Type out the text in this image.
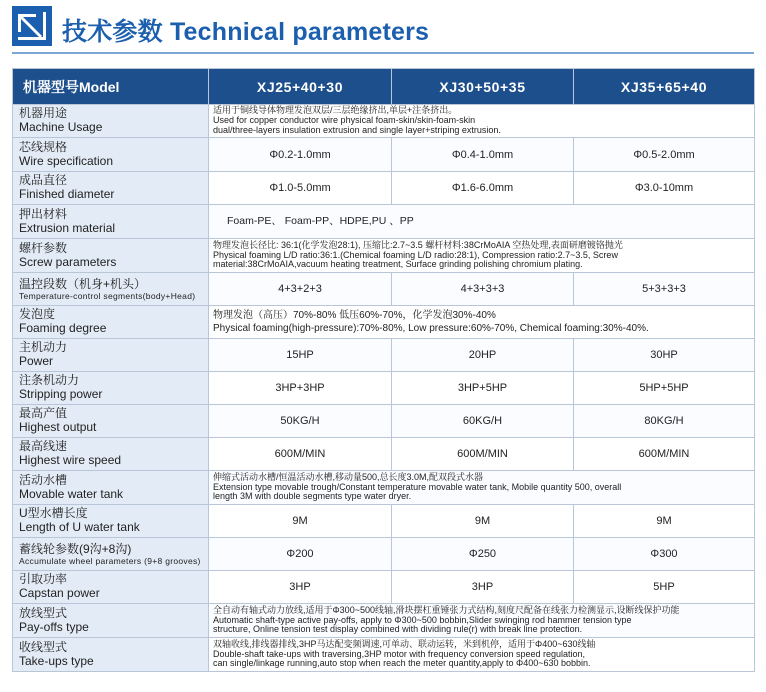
技术参数 Technical parameters
机器型号Model	XJ25+40+30	XJ30+50+35	XJ35+65+40

机器用途
Machine Usage	适用于铜线导体物理发泡双层/三层绝缘挤出,单层+注条挤出。
Used for copper conductor wire physical foam-skin/skin-foam-skin
dual/three-layers insulation extrusion and single layer+striping extrusion.		

芯线规格
Wire specification	Φ0.2-1.0mm	Φ0.4-1.0mm	Φ0.5-2.0mm

成品直径
Finished diameter	Φ1.0-5.0mm	Φ1.6-6.0mm	Φ3.0-10mm

押出材料
Extrusion material	Foam-PE、 Foam-PP、HDPE,PU 、PP		

螺杆参数
Screw parameters	物理发泡长径比: 36:1(化学发泡28:1), 压缩比:2.7~3.5 螺杆材料:38CrMoAIA 空热处理,表面研磨镀铬抛光
Physical foaming L/D ratio:36:1.(Chemical foaming L/D radio:28:1), Compression ratio:2.7~3.5, Screw
material:38CrMoAIA,vacuum heating treatment, Surface grinding polishing chromium plating.		

温控段数（机身+机头）
Temperature-control segments(body+Head)	4+3+2+3	4+3+3+3	5+3+3+3

发泡度
Foaming degree	物理发泡（高压）70%-80% 低压60%-70%，化学发泡30%-40%
Physical foaming(high-pressure):70%-80%, Low pressure:60%-70%, Chemical foaming:30%-40%.		

主机动力
Power	15HP	20HP	30HP

注条机动力
Stripping power	3HP+3HP	3HP+5HP	5HP+5HP

最高产值
Highest output	50KG/H	60KG/H	80KG/H

最高线速
Highest wire speed	600M/MIN	600M/MIN	600M/MIN

活动水槽
Movable water tank	伸缩式活动水槽/恒温活动水槽,移动量500,总长度3.0M,配双段式水器
Extension type movable trough/Constant temperature movable water tank, Mobile quantity 500, overall
length 3M with double segments type water dryer.		

U型水槽长度
Length of U water tank	9M	9M	9M

蓄线轮参数(9沟+8沟)
Accumulate wheel parameters (9+8 grooves)	Φ200	Φ250	Φ300

引取功率
Capstan power	3HP	3HP	5HP

放线型式
Pay-offs type	全自动有轴式动力放线,适用于Φ300~500线轴,滑块摆杠重锤张力式结构,刻度尺配备在线张力检测显示,设断线保护功能
Automatic shaft-type active pay-offs, apply to Φ300~500 bobbin,Slider swinging rod hammer tension type
structure, Online tension test display combined with dividing rule(r) with break line protection.		

收线型式
Take-ups type	双轴收线,排线器排线,3HP马达配变频调速,可单动、联动运转，米到机停，适用于Φ400~630线轴
Double-shaft take-ups with traversing,3HP motor with frequency conversion speed regulation,
can single/linkage running,auto stop when reach the meter quantity,apply to Φ400~630 bobbin.		
